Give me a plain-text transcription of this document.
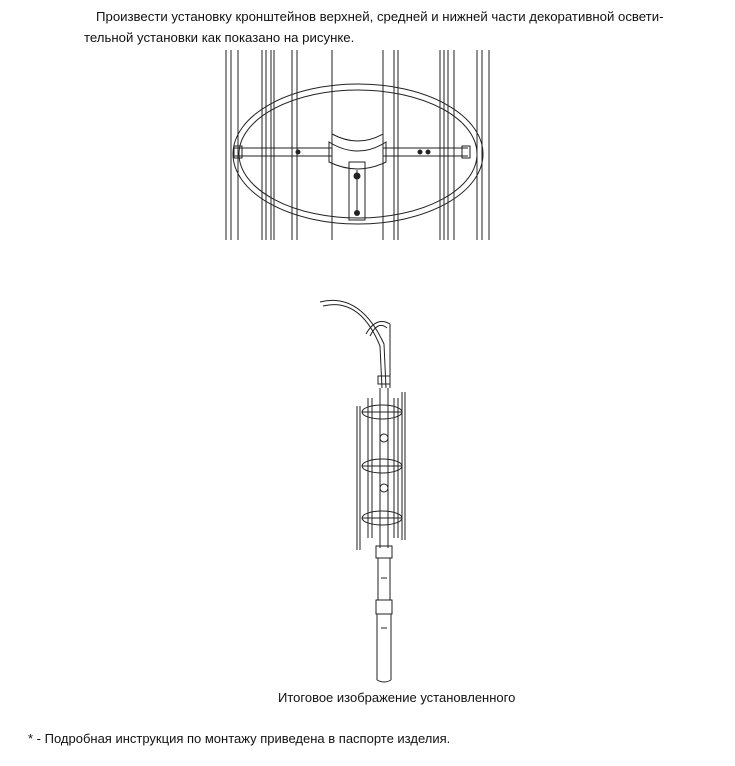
Произвести установку кронштейнов верхней, средней и нижней части декоративной освети-
тельной установки как показано на рисунке.
Итоговое изображение установленного
* - Подробная инструкция по монтажу приведена в паспорте изделия.
